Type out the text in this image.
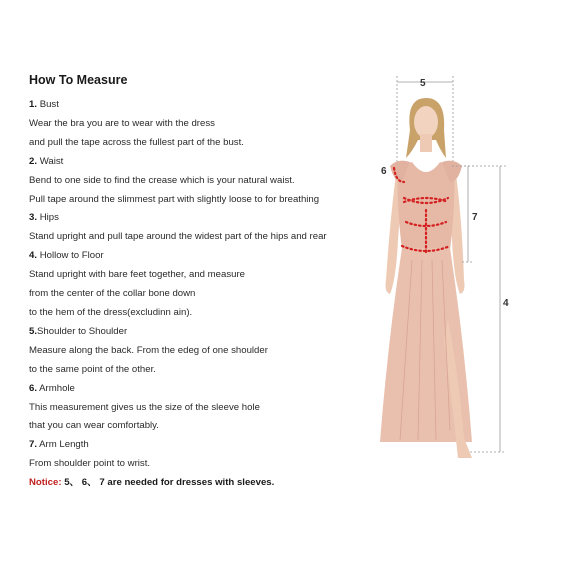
How To Measure
1. Bust
Wear the bra you are to wear with the dress
and pull the tape across the fullest part of the bust.
2. Waist
Bend to one side to find the crease which is your natural waist.
Pull tape around the slimmest part with slightly loose to for breathing
3. Hips
Stand upright and pull tape around the widest part of the hips and rear
4. Hollow to Floor
Stand upright with bare feet together, and measure
from the center of the collar bone down
to the hem of the dress(excludinn ain).
5.Shoulder to Shoulder
Measure along the back. From the edeg of one shoulder
to the same point of the other.
6. Armhole
This measurement gives us the size of the sleeve hole
that you can wear comfortably.
7. Arm Length
From shoulder point to wrist.
Notice: 5、 6、 7 are needed for dresses with sleeves.
5
6
7
4
